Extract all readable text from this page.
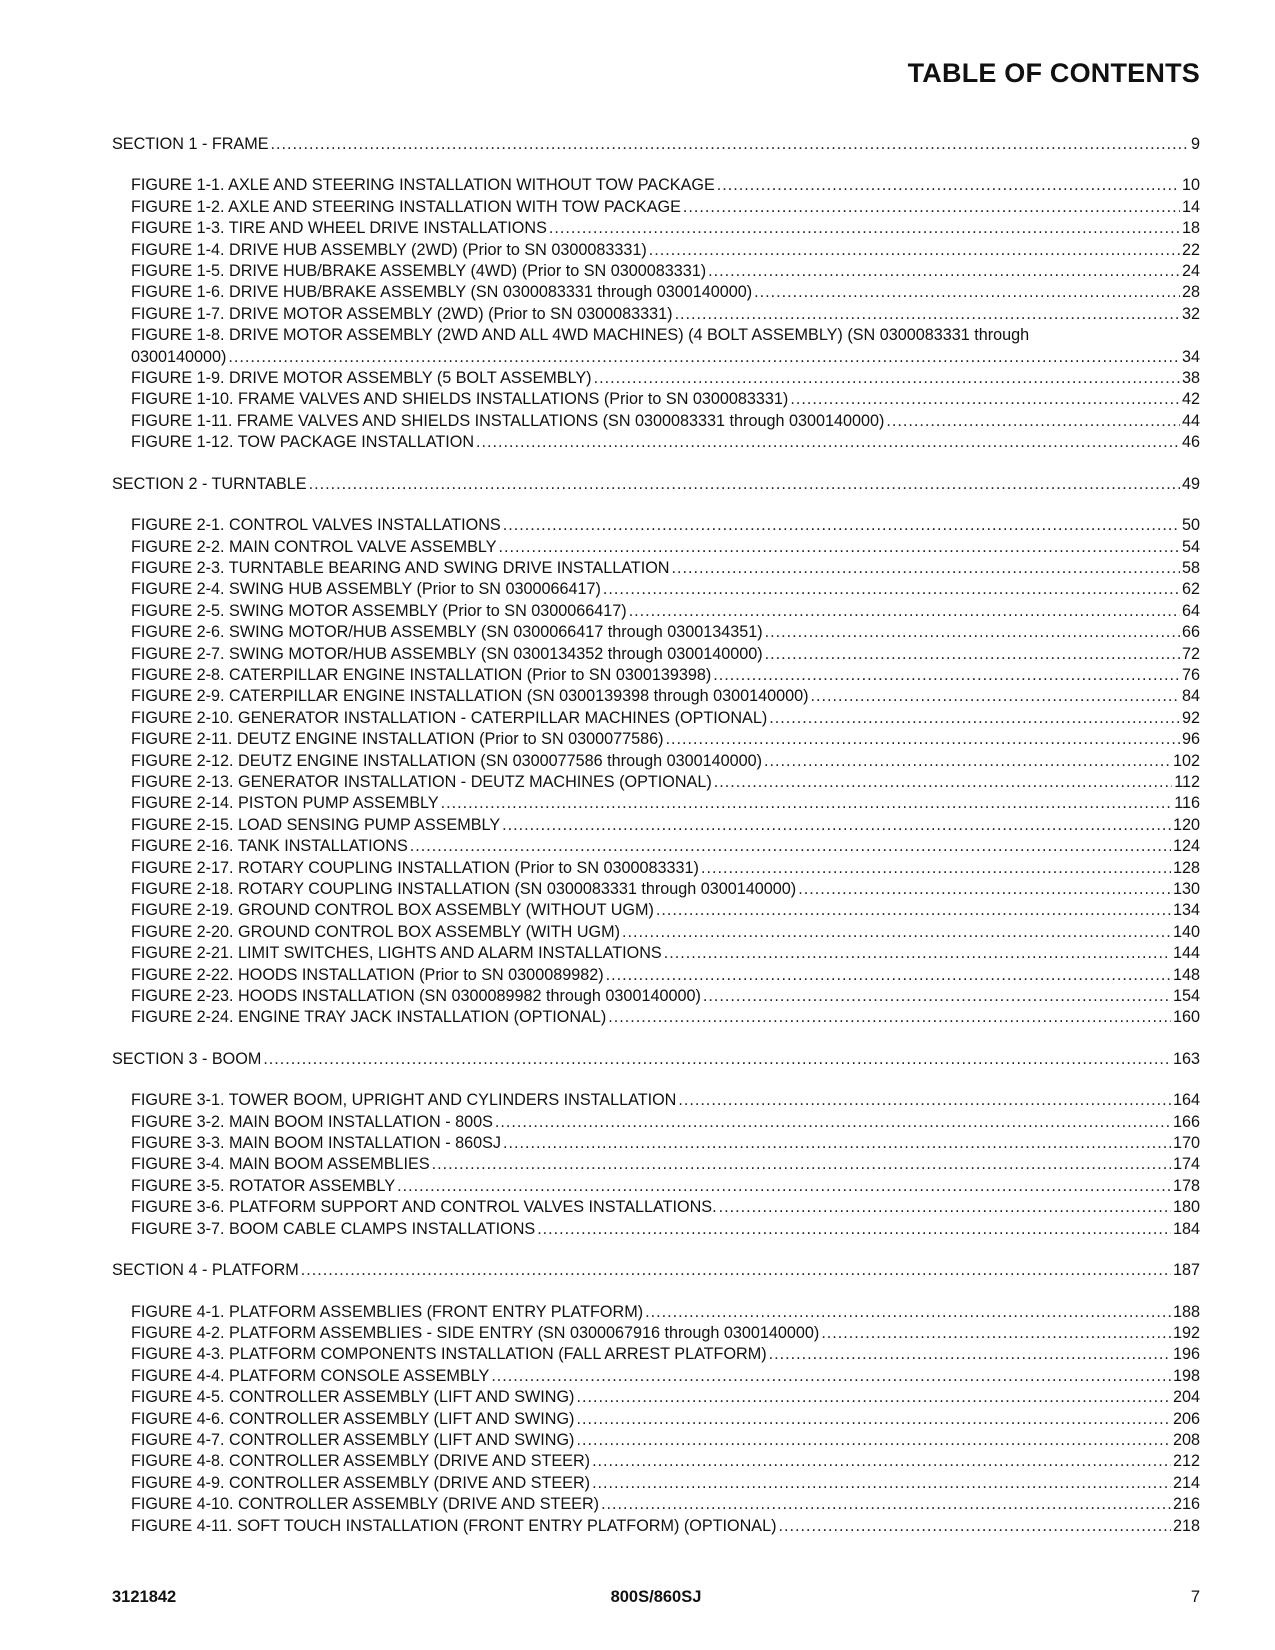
TABLE OF CONTENTS
SECTION 1 - FRAME .....	9
FIGURE 1-1. AXLE AND STEERING INSTALLATION WITHOUT TOW PACKAGE .....	10
FIGURE 1-2. AXLE AND STEERING INSTALLATION WITH TOW PACKAGE .....	14
FIGURE 1-3. TIRE AND WHEEL DRIVE INSTALLATIONS .....	18
FIGURE 1-4. DRIVE HUB ASSEMBLY (2WD) (Prior to SN 0300083331) .....	22
FIGURE 1-5. DRIVE HUB/BRAKE ASSEMBLY (4WD) (Prior to SN 0300083331) .....	24
FIGURE 1-6. DRIVE HUB/BRAKE ASSEMBLY (SN 0300083331 through 0300140000) .....	28
FIGURE 1-7. DRIVE MOTOR ASSEMBLY (2WD) (Prior to SN 0300083331) .....	32
FIGURE 1-8. DRIVE MOTOR ASSEMBLY (2WD AND ALL 4WD MACHINES) (4 BOLT ASSEMBLY) (SN 0300083331 through
0300140000) .....	34
FIGURE 1-9. DRIVE MOTOR ASSEMBLY (5 BOLT ASSEMBLY) .....	38
FIGURE 1-10. FRAME VALVES AND SHIELDS INSTALLATIONS (Prior to SN 0300083331) .....	42
FIGURE 1-11. FRAME VALVES AND SHIELDS INSTALLATIONS (SN 0300083331 through 0300140000) .....	44
FIGURE 1-12. TOW PACKAGE INSTALLATION .....	46
SECTION 2 - TURNTABLE .....	49
FIGURE 2-1. CONTROL VALVES INSTALLATIONS .....	50
FIGURE 2-2. MAIN CONTROL VALVE ASSEMBLY .....	54
FIGURE 2-3. TURNTABLE BEARING AND SWING DRIVE INSTALLATION .....	58
FIGURE 2-4. SWING HUB ASSEMBLY (Prior to SN 0300066417) .....	62
FIGURE 2-5. SWING MOTOR ASSEMBLY (Prior to SN 0300066417) .....	64
FIGURE 2-6. SWING MOTOR/HUB ASSEMBLY (SN 0300066417 through 0300134351) .....	66
FIGURE 2-7. SWING MOTOR/HUB ASSEMBLY (SN 0300134352 through 0300140000) .....	72
FIGURE 2-8. CATERPILLAR ENGINE INSTALLATION (Prior to SN 0300139398) .....	76
FIGURE 2-9. CATERPILLAR ENGINE INSTALLATION (SN 0300139398 through 0300140000) .....	84
FIGURE 2-10. GENERATOR INSTALLATION - CATERPILLAR MACHINES (OPTIONAL) .....	92
FIGURE 2-11. DEUTZ ENGINE INSTALLATION (Prior to SN 0300077586) .....	96
FIGURE 2-12. DEUTZ ENGINE INSTALLATION (SN 0300077586 through 0300140000) .....	102
FIGURE 2-13. GENERATOR INSTALLATION - DEUTZ MACHINES (OPTIONAL) .....	112
FIGURE 2-14. PISTON PUMP ASSEMBLY .....	116
FIGURE 2-15. LOAD SENSING PUMP ASSEMBLY .....	120
FIGURE 2-16. TANK INSTALLATIONS .....	124
FIGURE 2-17. ROTARY COUPLING INSTALLATION (Prior to SN 0300083331) .....	128
FIGURE 2-18. ROTARY COUPLING INSTALLATION (SN 0300083331 through 0300140000) .....	130
FIGURE 2-19. GROUND CONTROL BOX ASSEMBLY (WITHOUT UGM) .....	134
FIGURE 2-20. GROUND CONTROL BOX ASSEMBLY (WITH UGM) .....	140
FIGURE 2-21. LIMIT SWITCHES, LIGHTS AND ALARM INSTALLATIONS .....	144
FIGURE 2-22. HOODS INSTALLATION (Prior to SN 0300089982) .....	148
FIGURE 2-23. HOODS INSTALLATION (SN 0300089982 through 0300140000) .....	154
FIGURE 2-24. ENGINE TRAY JACK INSTALLATION (OPTIONAL) .....	160
SECTION 3 - BOOM .....	163
FIGURE 3-1. TOWER BOOM, UPRIGHT AND CYLINDERS INSTALLATION .....	164
FIGURE 3-2. MAIN BOOM INSTALLATION - 800S .....	166
FIGURE 3-3. MAIN BOOM INSTALLATION - 860SJ .....	170
FIGURE 3-4. MAIN BOOM ASSEMBLIES .....	174
FIGURE 3-5. ROTATOR ASSEMBLY .....	178
FIGURE 3-6. PLATFORM SUPPORT AND CONTROL VALVES INSTALLATIONS. .....	180
FIGURE 3-7. BOOM CABLE CLAMPS INSTALLATIONS .....	184
SECTION 4 - PLATFORM .....	187
FIGURE 4-1. PLATFORM ASSEMBLIES (FRONT ENTRY PLATFORM) .....	188
FIGURE 4-2. PLATFORM ASSEMBLIES - SIDE ENTRY (SN 0300067916 through 0300140000) .....	192
FIGURE 4-3. PLATFORM COMPONENTS INSTALLATION (FALL ARREST PLATFORM) .....	196
FIGURE 4-4. PLATFORM CONSOLE ASSEMBLY .....	198
FIGURE 4-5. CONTROLLER ASSEMBLY (LIFT AND SWING) .....	204
FIGURE 4-6. CONTROLLER ASSEMBLY (LIFT AND SWING) .....	206
FIGURE 4-7. CONTROLLER ASSEMBLY (LIFT AND SWING) .....	208
FIGURE 4-8. CONTROLLER ASSEMBLY (DRIVE AND STEER) .....	212
FIGURE 4-9. CONTROLLER ASSEMBLY (DRIVE AND STEER) .....	214
FIGURE 4-10. CONTROLLER ASSEMBLY (DRIVE AND STEER) .....	216
FIGURE 4-11. SOFT TOUCH INSTALLATION (FRONT ENTRY PLATFORM) (OPTIONAL) .....	218
3121842	800S/860SJ	7
